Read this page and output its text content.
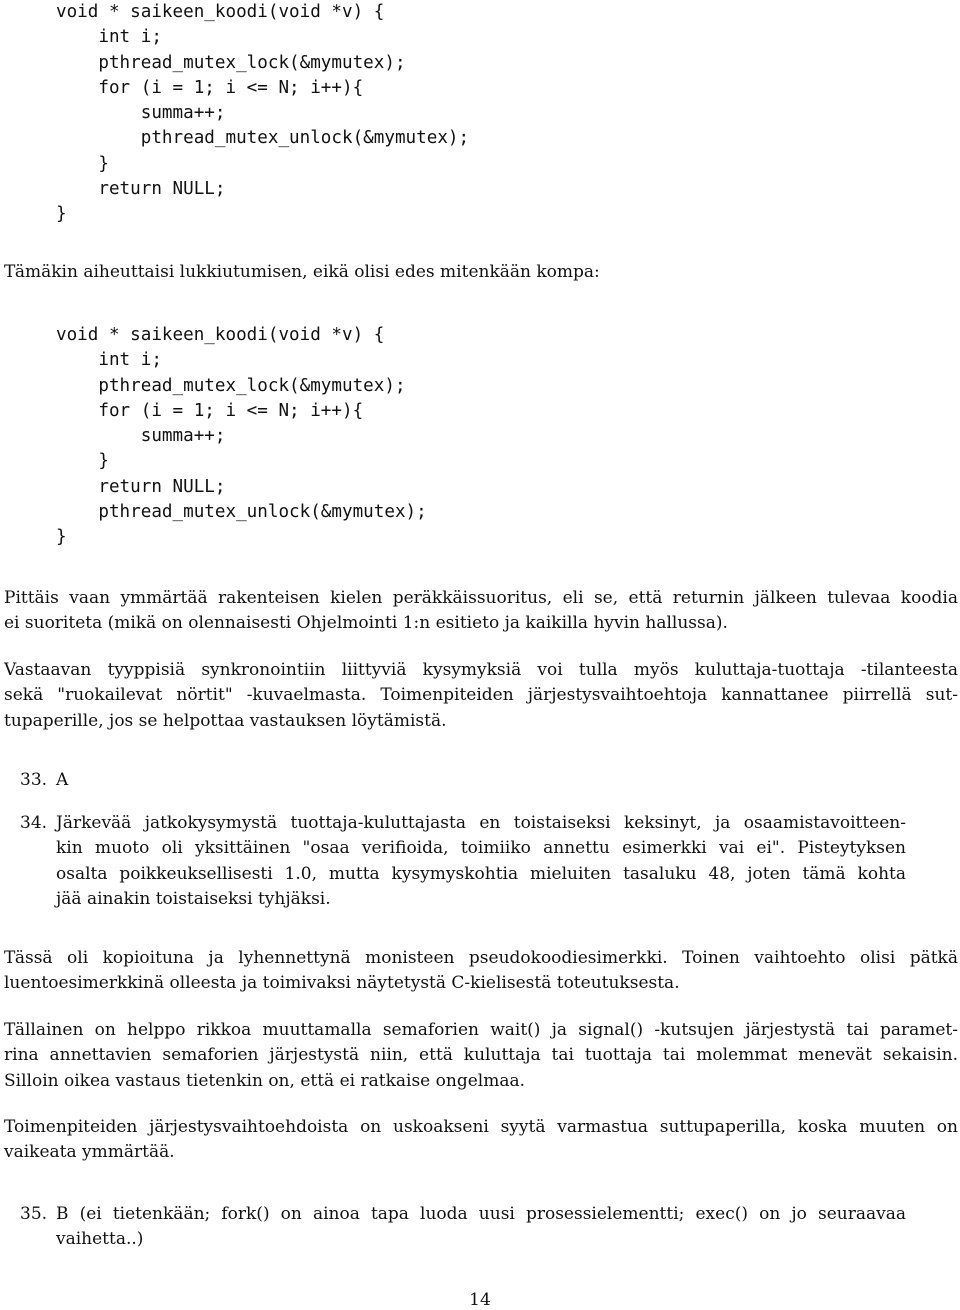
void * saikeen_koodi(void *v) {
int i;
pthread_mutex_lock(&mymutex);
for (i = 1; i <= N; i++){
summa++;
pthread_mutex_unlock(&mymutex);
}
return NULL;
}

Tämäkin aiheuttaisi lukkiutumisen, eikä olisi edes mitenkään kompa:

void * saikeen_koodi(void *v) {
int i;
pthread_mutex_lock(&mymutex);
for (i = 1; i <= N; i++){
summa++;
}
return NULL;
pthread_mutex_unlock(&mymutex);
}
Pittäis vaan ymmärtää rakenteisen kielen peräkkäissuoritus, eli se, että returnin jälkeen tulevaa koodia
ei suoriteta (mikä on olennaisesti Ohjelmointi 1:n esitieto ja kaikilla hyvin hallussa).
Vastaavan tyyppisiä synkronointiin liittyviä kysymyksiä voi tulla myös kuluttaja-tuottaja -tilanteesta
sekä "ruokailevat nörtit" -kuvaelmasta. Toimenpiteiden järjestysvaihtoehtoja kannattanee piirrellä sut-
tupaperille, jos se helpottaa vastauksen löytämistä.
33. A
34. Järkevää jatkokysymystä tuottaja-kuluttajasta en toistaiseksi keksinyt, ja osaamistavoitteen-
kin muoto oli yksittäinen "osaa verifioida, toimiiko annettu esimerkki vai ei". Pisteytyksen
osalta poikkeuksellisesti 1.0, mutta kysymyskohtia mieluiten tasaluku 48, joten tämä kohta
jää ainakin toistaiseksi tyhjäksi.
Tässä oli kopioituna ja lyhennettynä monisteen pseudokoodiesimerkki. Toinen vaihtoehto olisi pätkä
luentoesimerkkinä olleesta ja toimivaksi näytetystä C-kielisestä toteutuksesta.
Tällainen on helppo rikkoa muuttamalla semaforien wait() ja signal() -kutsujen järjestystä tai paramet-
rina annettavien semaforien järjestystä niin, että kuluttaja tai tuottaja tai molemmat menevät sekaisin.
Silloin oikea vastaus tietenkin on, että ei ratkaise ongelmaa.
Toimenpiteiden järjestysvaihtoehdoista on uskoakseni syytä varmastua suttupaperilla, koska muuten on
vaikeata ymmärtää.
35. B (ei tietenkään; fork() on ainoa tapa luoda uusi prosessielementti; exec() on jo seuraavaa
vaihetta..)
14
